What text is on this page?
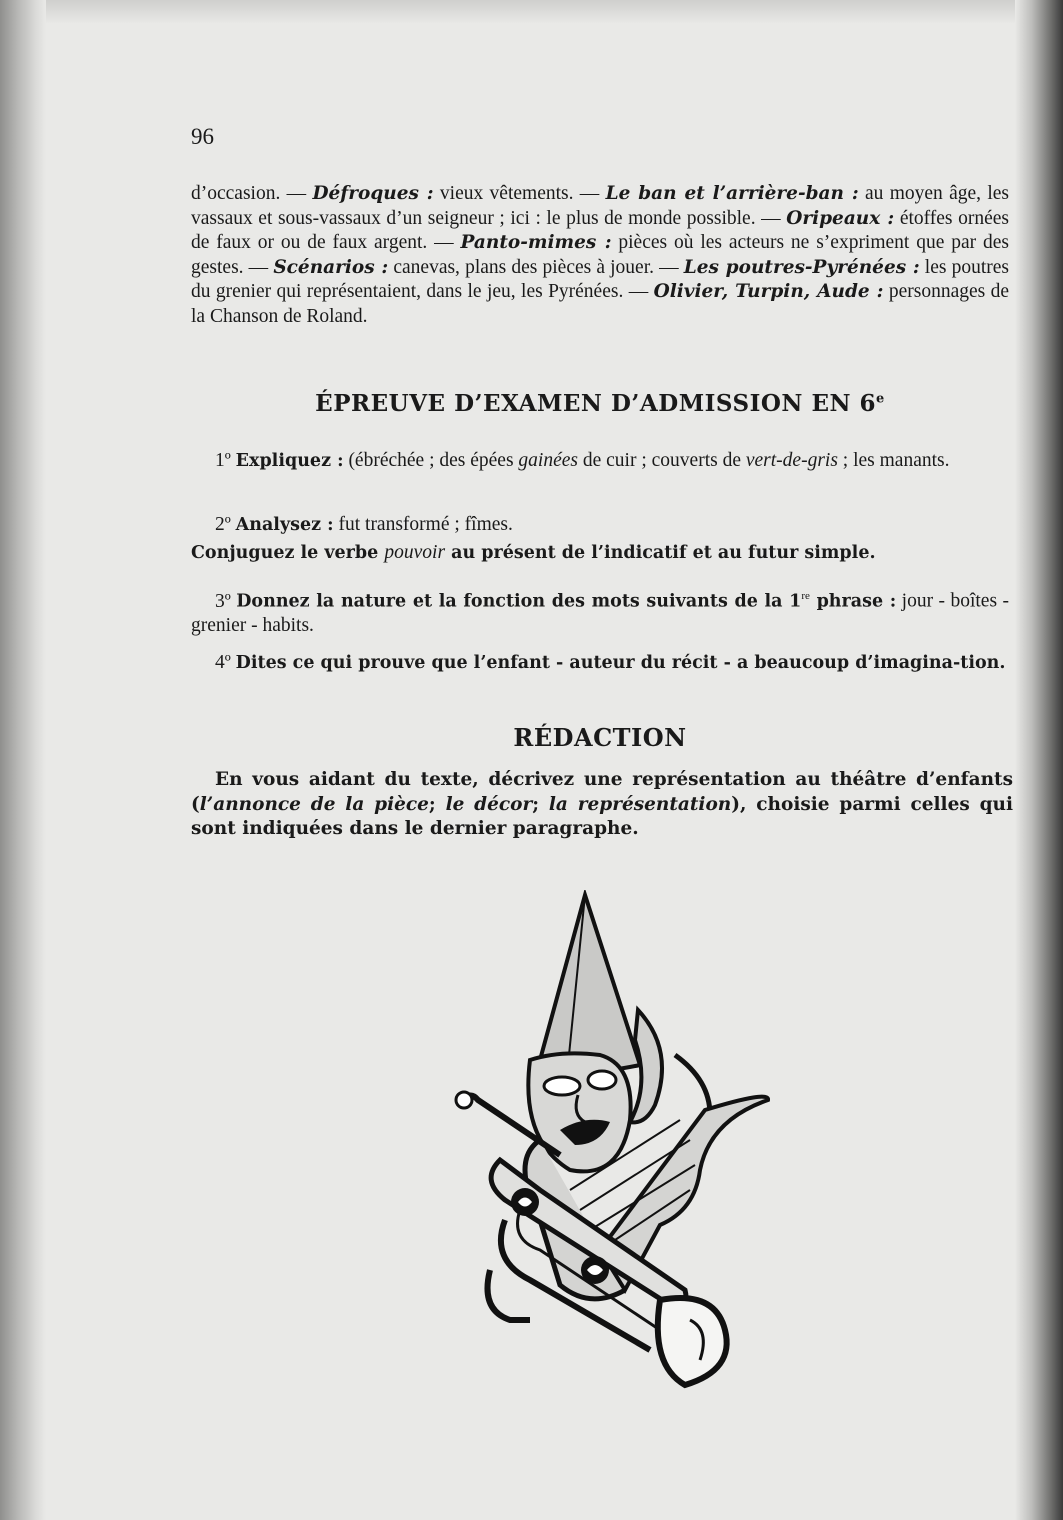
96
d’occasion. — Défroques : vieux vêtements. — Le ban et l’arrière-ban : au moyen âge, les vassaux et sous-vassaux d’un seigneur ; ici : le plus de monde possible. — Oripeaux : étoffes ornées de faux or ou de faux argent. — Panto-mimes : pièces où les acteurs ne s’expriment que par des gestes. — Scénarios : canevas, plans des pièces à jouer. — Les poutres-Pyrénées : les poutres du grenier qui représentaient, dans le jeu, les Pyrénées. — Olivier, Turpin, Aude : personnages de la Chanson de Roland.
ÉPREUVE D’EXAMEN D’ADMISSION EN 6e
1º Expliquez : (ébréchée ; des épées gainées de cuir ; couverts de vert-de-gris ; les manants.
2º Analysez : fut transformé ; fîmes.
Conjuguez le verbe pouvoir au présent de l’indicatif et au futur simple.
3º Donnez la nature et la fonction des mots suivants de la 1re phrase : jour - boîtes - grenier - habits.
4º Dites ce qui prouve que l’enfant - auteur du récit - a beaucoup d’imagina-tion.
RÉDACTION
En vous aidant du texte, décrivez une représentation au théâtre d’enfants (l’annonce de la pièce; le décor; la représentation), choisie parmi celles qui sont indiquées dans le dernier paragraphe.
